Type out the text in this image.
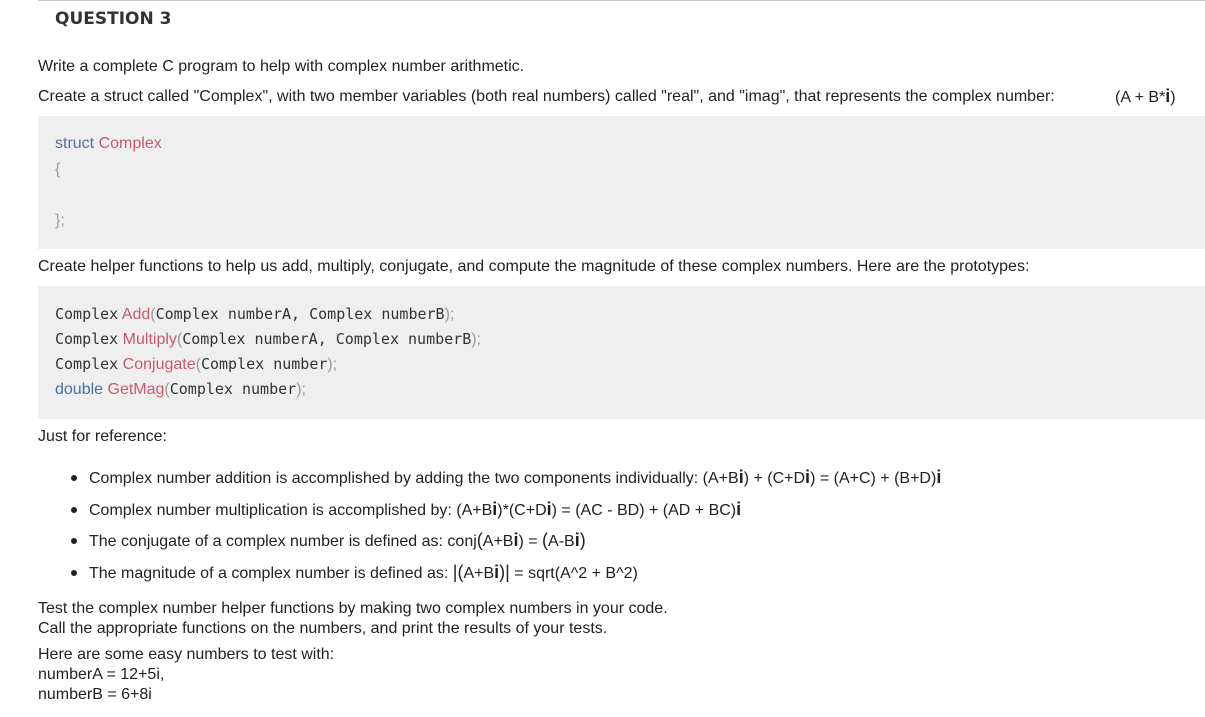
QUESTION 3
Write a complete C program to help with complex number arithmetic.
Create a struct called "Complex", with two member variables (both real numbers) called "real", and "imag", that represents the complex number:	(A + B*i)
struct Complex
{
};
Create helper functions to help us add, multiply, conjugate, and compute the magnitude of these complex numbers. Here are the prototypes:
Complex Add(Complex numberA, Complex numberB);
Complex Multiply(Complex numberA, Complex numberB);
Complex Conjugate(Complex number);
double GetMag(Complex number);
Just for reference:
Complex number addition is accomplished by adding the two components individually: (A+Bi) + (C+Di) = (A+C) + (B+D)i
Complex number multiplication is accomplished by: (A+Bi)*(C+Di) = (AC - BD) + (AD + BC)i
The conjugate of a complex number is defined as: conj(A+Bi) = (A-Bi)
The magnitude of a complex number is defined as: |(A+Bi)| = sqrt(A^2 + B^2)
Test the complex number helper functions by making two complex numbers in your code.
Call the appropriate functions on the numbers, and print the results of your tests.
Here are some easy numbers to test with:
numberA = 12+5i,
numberB = 6+8i
